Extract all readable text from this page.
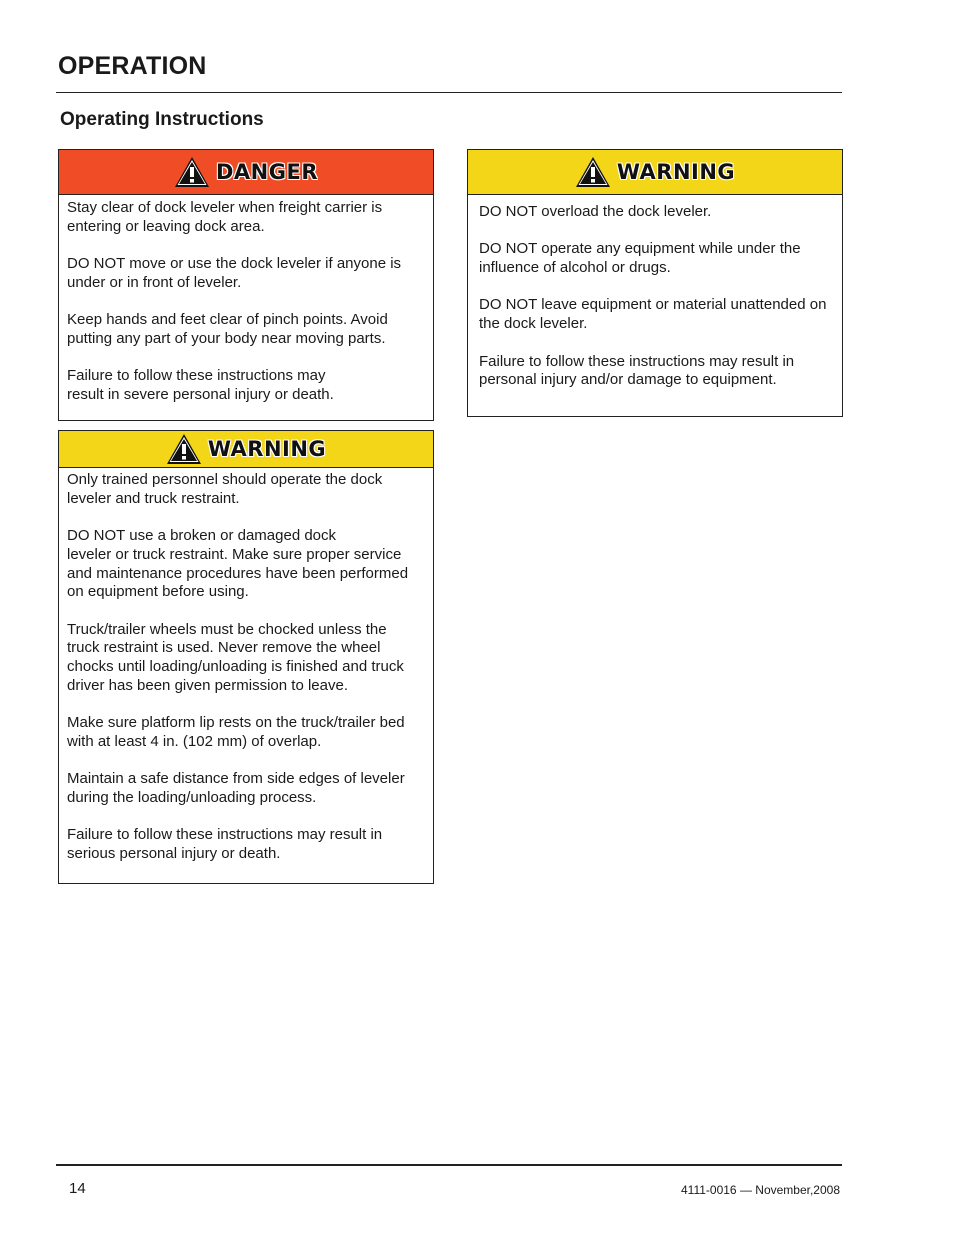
OPERATION
Operating Instructions
DANGER

Stay clear of dock leveler when freight carrier is entering or leaving dock area.

DO NOT move or use the dock leveler if anyone is under or in front of leveler.

Keep hands and feet clear of pinch points. Avoid putting any part of your body near moving parts.

Failure to follow these instructions may
result in severe personal injury or death.

WARNING

Only trained personnel should operate the dock leveler and truck restraint.

DO NOT use a broken or damaged dock
leveler or truck restraint. Make sure proper service and maintenance procedures have been performed on equipment before using.

Truck/trailer wheels must be chocked unless the truck restraint is used. Never remove the wheel chocks until loading/unloading is finished and truck driver has been given permission to leave.

Make sure platform lip rests on the truck/trailer bed with at least 4 in. (102 mm) of overlap.

Maintain a safe distance from side edges of leveler during the loading/unloading process.

Failure to follow these instructions may result in serious personal injury or death.

WARNING

DO NOT overload the dock leveler.

DO NOT operate any equipment while under the influence of alcohol or drugs.

DO NOT leave equipment or material unattended on the dock leveler.

Failure to follow these instructions may result in personal injury and/or damage to equipment.

14	4111-0016 — November,2008
